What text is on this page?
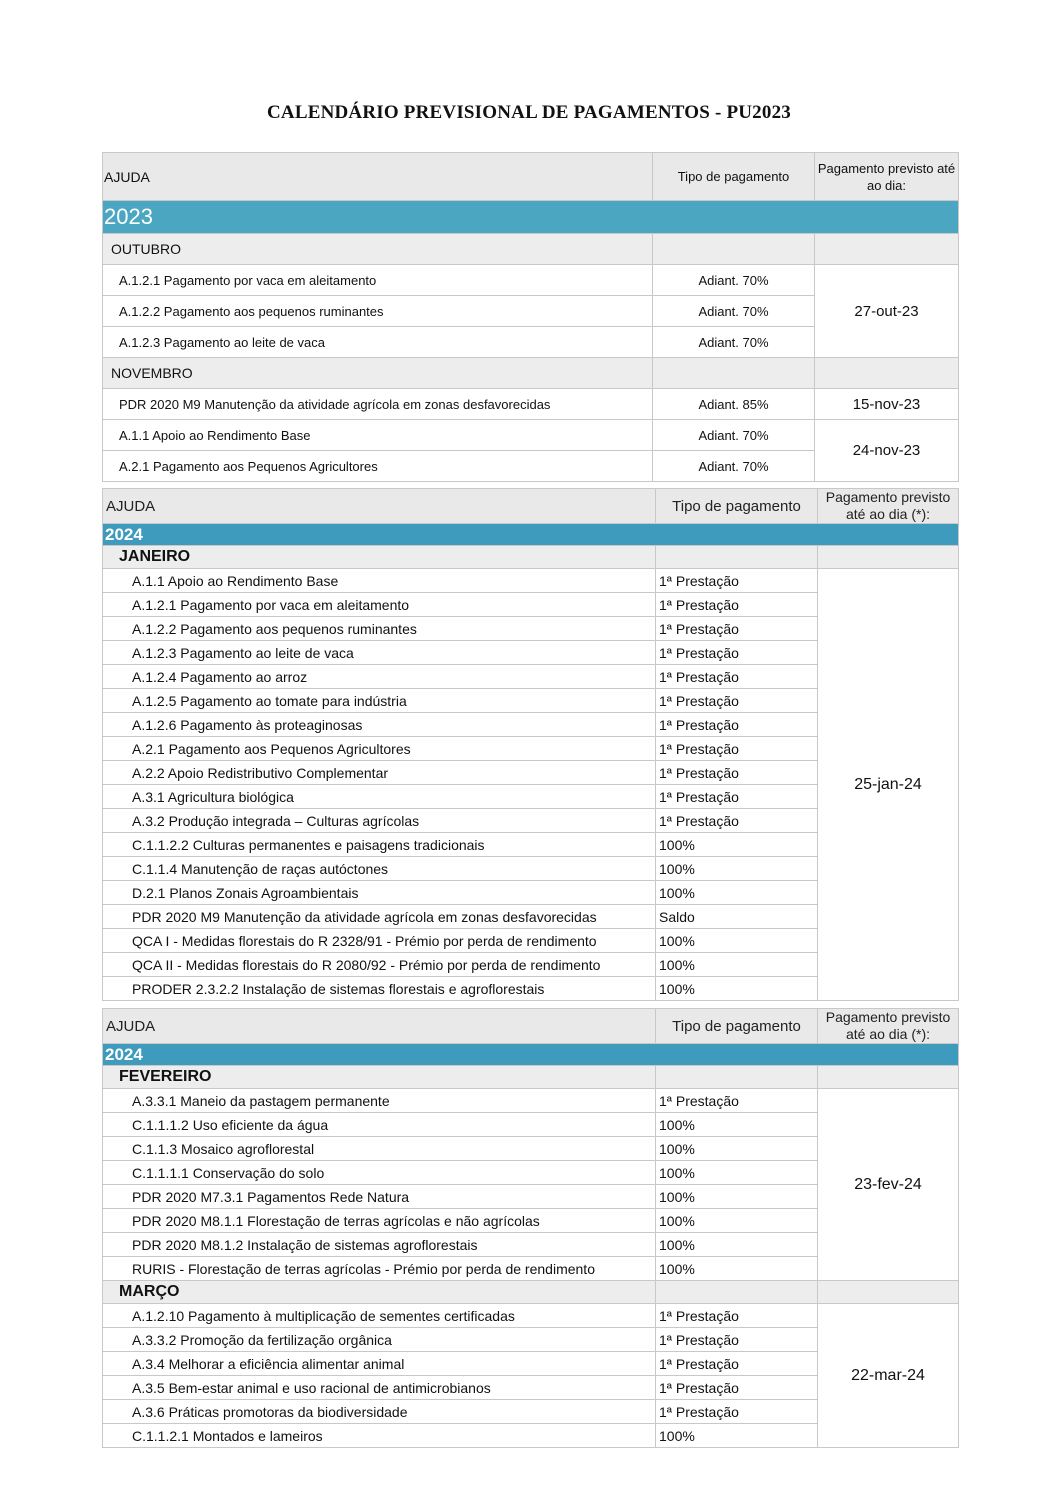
CALENDÁRIO PREVISIONAL DE PAGAMENTOS - PU2023
AJUDA	Tipo de pagamento	Pagamento previsto até ao dia:
2023		
OUTUBRO		
A.1.2.1 Pagamento por vaca em aleitamento	Adiant. 70%	27-out-23
A.1.2.2 Pagamento aos pequenos ruminantes	Adiant. 70%	
A.1.2.3 Pagamento ao leite de vaca	Adiant. 70%	
NOVEMBRO		
PDR 2020 M9 Manutenção da atividade agrícola em zonas desfavorecidas	Adiant. 85%	15-nov-23
A.1.1 Apoio ao Rendimento Base	Adiant. 70%	24-nov-23
A.2.1 Pagamento aos Pequenos Agricultores	Adiant. 70%	
AJUDA	Tipo de pagamento	Pagamento previsto até ao dia (*):
2024		
JANEIRO		
A.1.1 Apoio ao Rendimento Base	1ª Prestação	25-jan-24
A.1.2.1 Pagamento por vaca em aleitamento	1ª Prestação	
A.1.2.2 Pagamento aos pequenos ruminantes	1ª Prestação	
A.1.2.3 Pagamento ao leite de vaca	1ª Prestação	
A.1.2.4 Pagamento ao arroz	1ª Prestação	
A.1.2.5 Pagamento ao tomate para indústria	1ª Prestação	
A.1.2.6 Pagamento às proteaginosas	1ª Prestação	
A.2.1 Pagamento aos Pequenos Agricultores	1ª Prestação	
A.2.2 Apoio Redistributivo Complementar	1ª Prestação	
A.3.1 Agricultura biológica	1ª Prestação	
A.3.2 Produção integrada – Culturas agrícolas	1ª Prestação	
C.1.1.2.2 Culturas permanentes e paisagens tradicionais	100%	
C.1.1.4 Manutenção de raças autóctones	100%	
D.2.1 Planos Zonais Agroambientais	100%	
PDR 2020 M9 Manutenção da atividade agrícola em zonas desfavorecidas	Saldo	
QCA I - Medidas florestais do R 2328/91 - Prémio por perda de rendimento	100%	
QCA II - Medidas florestais do R 2080/92 - Prémio por perda de rendimento	100%	
PRODER 2.3.2.2 Instalação de sistemas florestais e agroflorestais	100%	
AJUDA	Tipo de pagamento	Pagamento previsto até ao dia (*):
2024		
FEVEREIRO		
A.3.3.1 Maneio da pastagem permanente	1ª Prestação	23-fev-24
C.1.1.1.2 Uso eficiente da água	100%	
C.1.1.3 Mosaico agroflorestal	100%	
C.1.1.1.1 Conservação do solo	100%	
PDR 2020 M7.3.1 Pagamentos Rede Natura	100%	
PDR 2020 M8.1.1 Florestação de terras agrícolas e não agrícolas	100%	
PDR 2020 M8.1.2 Instalação de sistemas agroflorestais	100%	
RURIS - Florestação de terras agrícolas - Prémio por perda de rendimento	100%	
MARÇO		
A.1.2.10 Pagamento à multiplicação de sementes certificadas	1ª Prestação	22-mar-24
A.3.3.2 Promoção da fertilização orgânica	1ª Prestação	
A.3.4 Melhorar a eficiência alimentar animal	1ª Prestação	
A.3.5 Bem-estar animal e uso racional de antimicrobianos	1ª Prestação	
A.3.6 Práticas promotoras da biodiversidade	1ª Prestação	
C.1.1.2.1 Montados e lameiros	100%	
